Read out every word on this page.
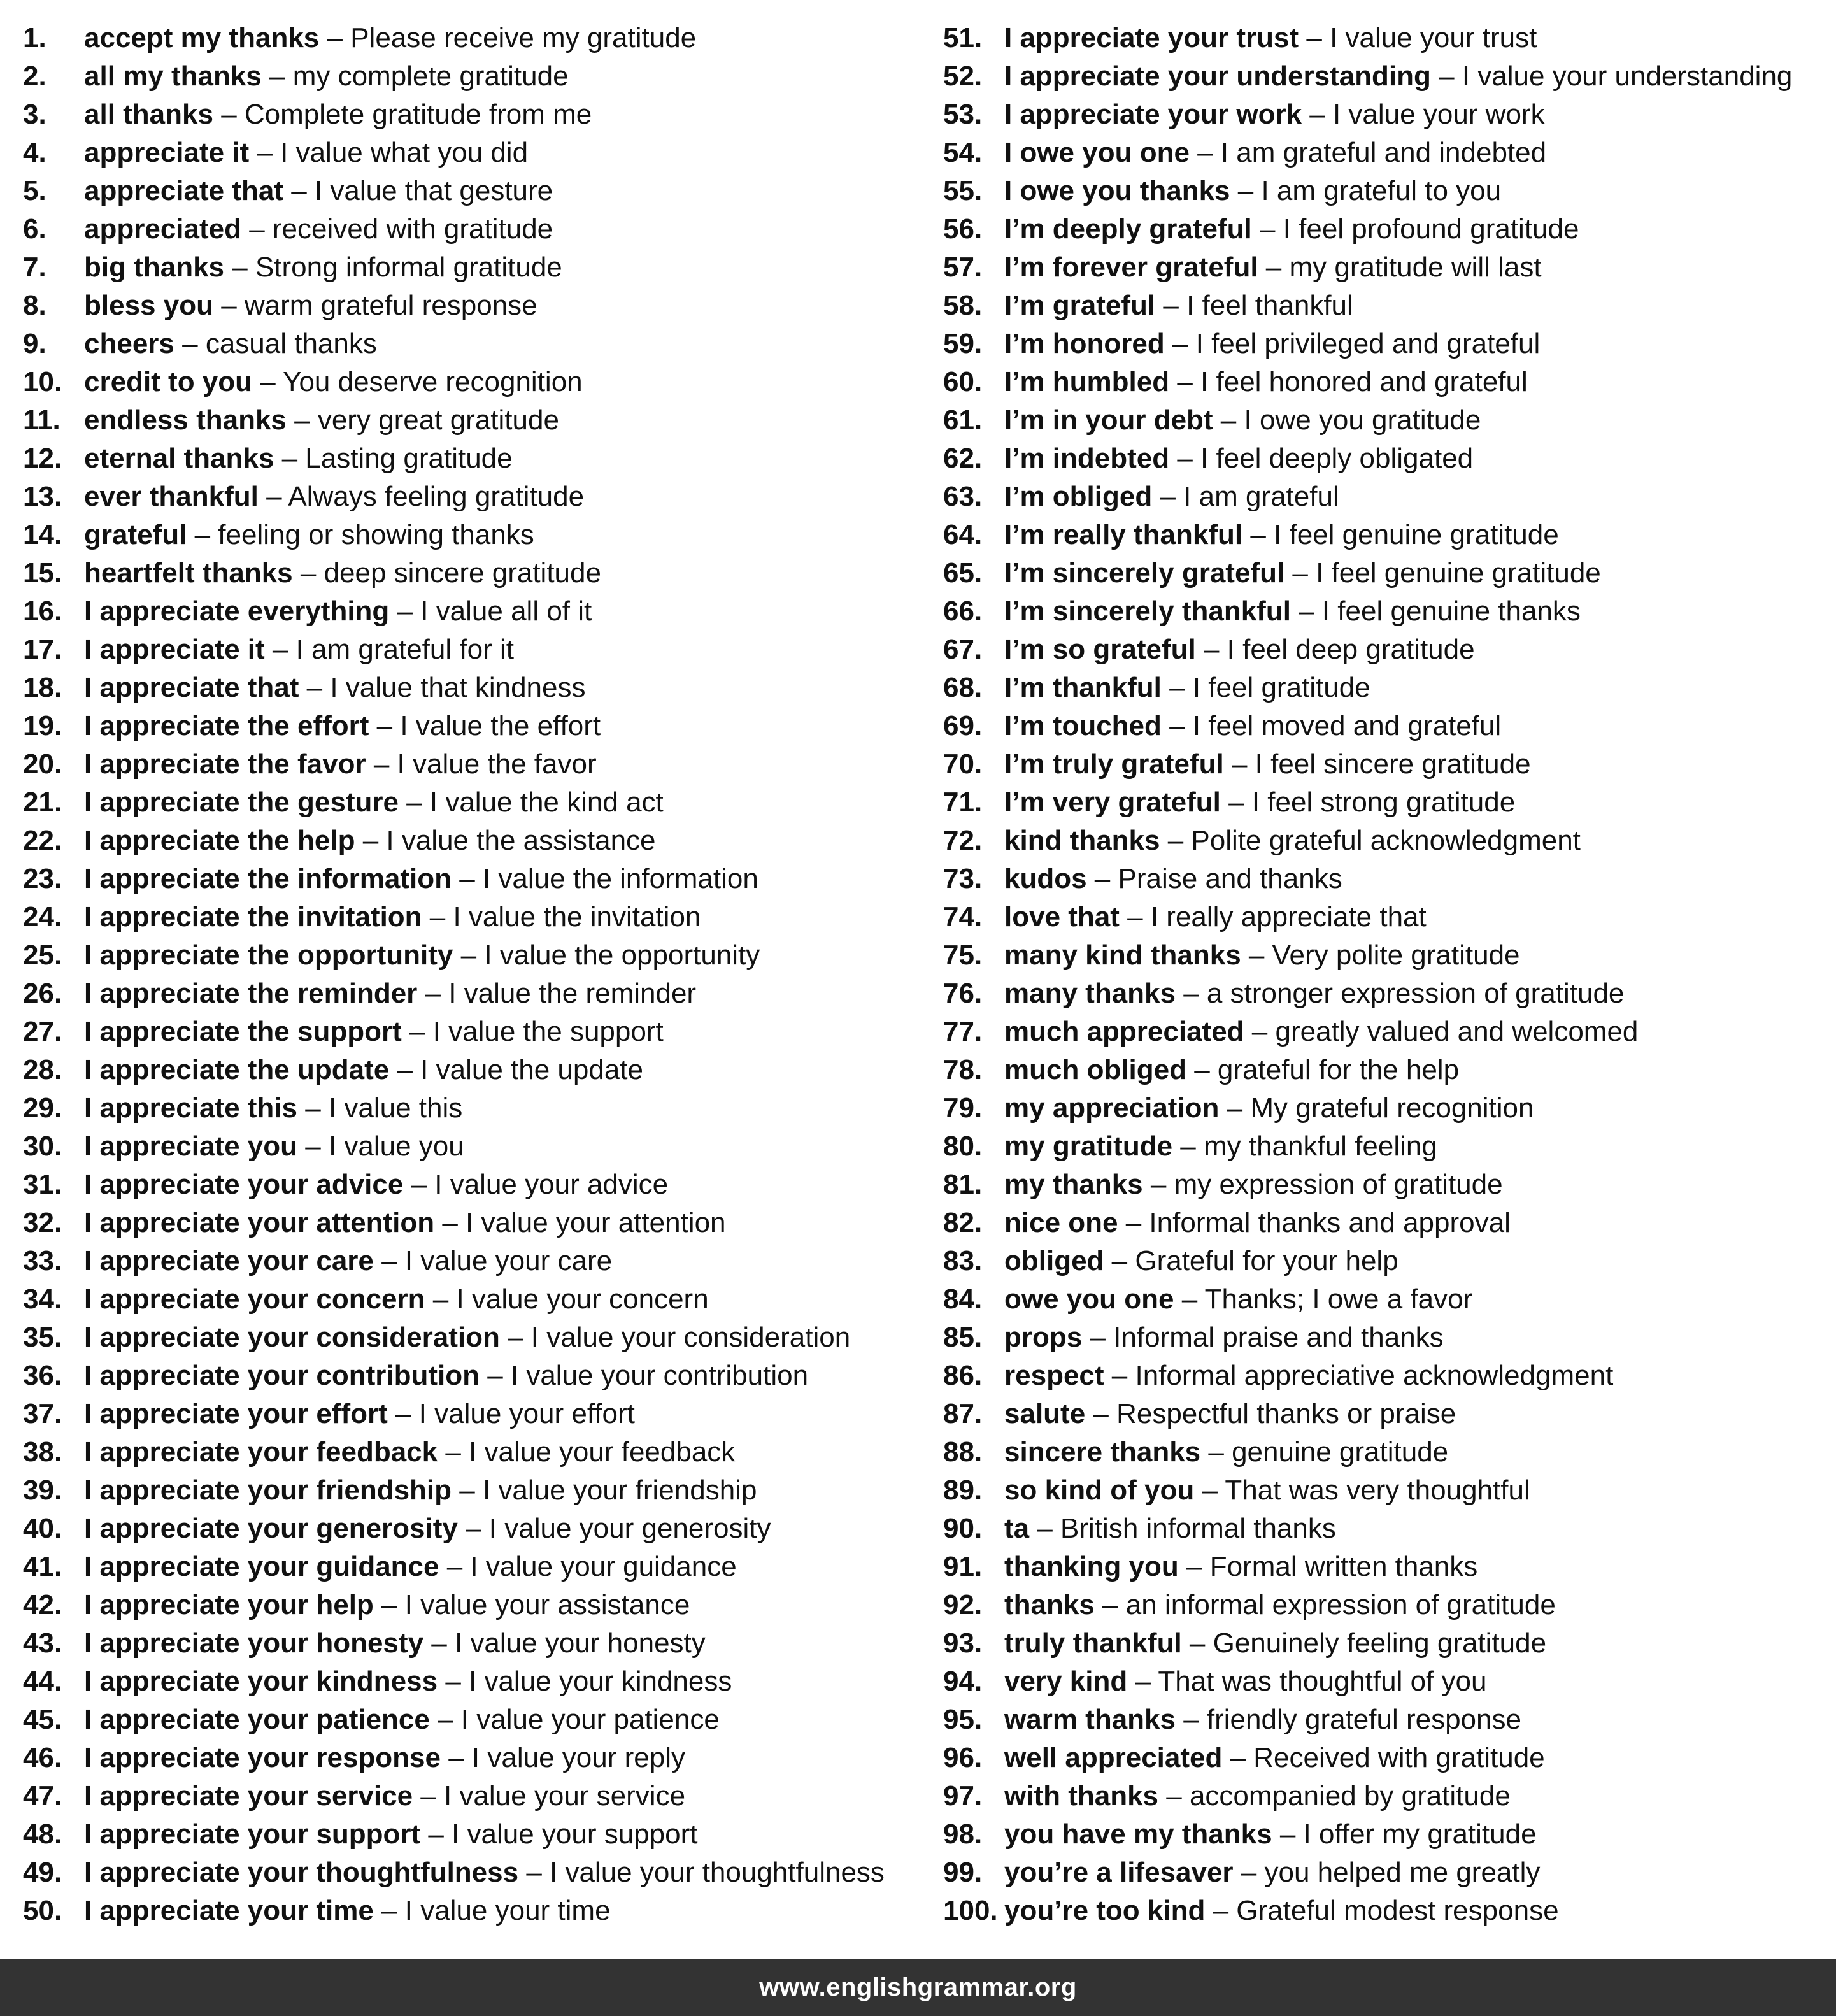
1.	accept my thanks – Please receive my gratitude
2.	all my thanks – my complete gratitude
3.	all thanks – Complete gratitude from me
4.	appreciate it – I value what you did
5.	appreciate that – I value that gesture
6.	appreciated – received with gratitude
7.	big thanks – Strong informal gratitude
8.	bless you – warm grateful response
9.	cheers – casual thanks
10. credit to you – You deserve recognition
11. endless thanks – very great gratitude
12. eternal thanks – Lasting gratitude
13. ever thankful – Always feeling gratitude
14. grateful – feeling or showing thanks
15. heartfelt thanks – deep sincere gratitude
16. I appreciate everything – I value all of it
17. I appreciate it – I am grateful for it
18. I appreciate that – I value that kindness
19. I appreciate the effort – I value the effort
20. I appreciate the favor – I value the favor
21. I appreciate the gesture – I value the kind act
22. I appreciate the help – I value the assistance
23. I appreciate the information – I value the information
24. I appreciate the invitation – I value the invitation
25. I appreciate the opportunity – I value the opportunity
26. I appreciate the reminder – I value the reminder
27. I appreciate the support – I value the support
28. I appreciate the update – I value the update
29. I appreciate this – I value this
30. I appreciate you – I value you
31. I appreciate your advice – I value your advice
32. I appreciate your attention – I value your attention
33. I appreciate your care – I value your care
34. I appreciate your concern – I value your concern
35. I appreciate your consideration – I value your consideration
36. I appreciate your contribution – I value your contribution
37. I appreciate your effort – I value your effort
38. I appreciate your feedback – I value your feedback
39. I appreciate your friendship – I value your friendship
40. I appreciate your generosity – I value your generosity
41. I appreciate your guidance – I value your guidance
42. I appreciate your help – I value your assistance
43. I appreciate your honesty – I value your honesty
44. I appreciate your kindness – I value your kindness
45. I appreciate your patience – I value your patience
46. I appreciate your response – I value your reply
47. I appreciate your service – I value your service
48. I appreciate your support – I value your support
49. I appreciate your thoughtfulness – I value your thoughtfulness
50. I appreciate your time – I value your time
51. I appreciate your trust – I value your trust
52. I appreciate your understanding – I value your understanding
53. I appreciate your work – I value your work
54. I owe you one – I am grateful and indebted
55. I owe you thanks – I am grateful to you
56. I’m deeply grateful – I feel profound gratitude
57. I’m forever grateful – my gratitude will last
58. I’m grateful – I feel thankful
59. I’m honored – I feel privileged and grateful
60. I’m humbled – I feel honored and grateful
61. I’m in your debt – I owe you gratitude
62. I’m indebted – I feel deeply obligated
63. I’m obliged – I am grateful
64. I’m really thankful – I feel genuine gratitude
65. I’m sincerely grateful – I feel genuine gratitude
66. I’m sincerely thankful – I feel genuine thanks
67. I’m so grateful – I feel deep gratitude
68. I’m thankful – I feel gratitude
69. I’m touched – I feel moved and grateful
70. I’m truly grateful – I feel sincere gratitude
71. I’m very grateful – I feel strong gratitude
72. kind thanks – Polite grateful acknowledgment
73. kudos – Praise and thanks
74. love that – I really appreciate that
75. many kind thanks – Very polite gratitude
76. many thanks – a stronger expression of gratitude
77. much appreciated – greatly valued and welcomed
78. much obliged – grateful for the help
79. my appreciation – My grateful recognition
80. my gratitude – my thankful feeling
81. my thanks – my expression of gratitude
82. nice one – Informal thanks and approval
83. obliged – Grateful for your help
84. owe you one – Thanks; I owe a favor
85. props – Informal praise and thanks
86. respect – Informal appreciative acknowledgment
87. salute – Respectful thanks or praise
88. sincere thanks – genuine gratitude
89. so kind of you – That was very thoughtful
90. ta – British informal thanks
91. thanking you – Formal written thanks
92. thanks – an informal expression of gratitude
93. truly thankful – Genuinely feeling gratitude
94. very kind – That was thoughtful of you
95. warm thanks – friendly grateful response
96. well appreciated – Received with gratitude
97. with thanks – accompanied by gratitude
98. you have my thanks – I offer my gratitude
99. you’re a lifesaver – you helped me greatly
100. you’re too kind – Grateful modest response
www.englishgrammar.org
